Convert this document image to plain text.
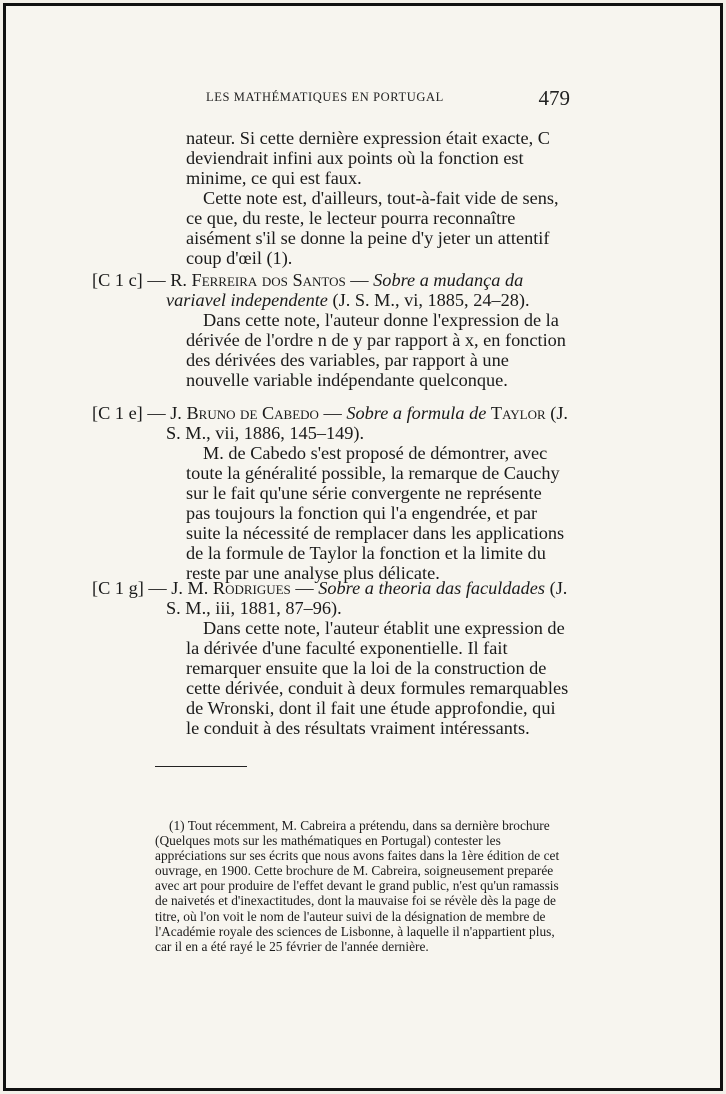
LES MATHÉMATIQUES EN PORTUGAL	479

nateur. Si cette dernière expression était exacte, C deviendrait infini aux points où la fonction est minime, ce qui est faux.

Cette note est, d'ailleurs, tout-à-fait vide de sens, ce que, du reste, le lecteur pourra reconnaître aisément s'il se donne la peine d'y jeter un attentif coup d'œil (1).

[C 1 c] — R. Ferreira dos Santos — Sobre a mudança da variavel independente (J. S. M., vi, 1885, 24–28).

Dans cette note, l'auteur donne l'expression de la dérivée de l'ordre n de y par rapport à x, en fonction des dérivées des variables, par rapport à une nouvelle variable indépendante quelconque.

[C 1 e] — J. Bruno de Cabedo — Sobre a formula de Taylor (J. S. M., vii, 1886, 145–149).

M. de Cabedo s'est proposé de démontrer, avec toute la généralité possible, la remarque de Cauchy sur le fait qu'une série convergente ne représente pas toujours la fonction qui l'a engendrée, et par suite la nécessité de remplacer dans les applications de la formule de Taylor la fonction et la limite du reste par une analyse plus délicate.

[C 1 g] — J. M. Rodrigues — Sobre a theoria das faculdades (J. S. M., iii, 1881, 87–96).

Dans cette note, l'auteur établit une expression de la dérivée d'une faculté exponentielle. Il fait remarquer ensuite que la loi de la construction de cette dérivée, conduit à deux formules remarquables de Wronski, dont il fait une étude approfondie, qui le conduit à des résultats vraiment intéressants.

(1) Tout récemment, M. Cabreira a prétendu, dans sa dernière brochure (Quelques mots sur les mathématiques en Portugal) contester les appréciations sur ses écrits que nous avons faites dans la 1ère édition de cet ouvrage, en 1900. Cette brochure de M. Cabreira, soigneusement preparée avec art pour produire de l'effet devant le grand public, n'est qu'un ramassis de naivetés et d'inexactitudes, dont la mauvaise foi se révèle dès la page de titre, où l'on voit le nom de l'auteur suivi de la désignation de membre de l'Académie royale des sciences de Lisbonne, à laquelle il n'appartient plus, car il en a été rayé le 25 février de l'année dernière.
